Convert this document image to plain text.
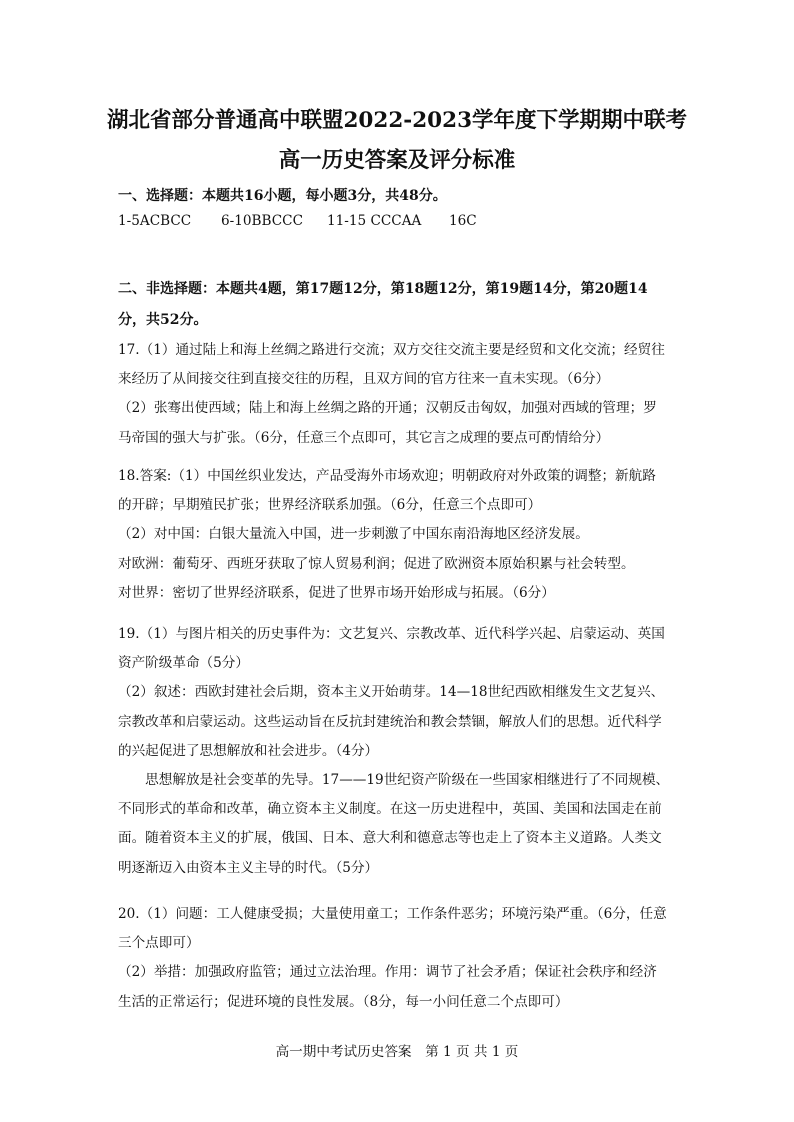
湖北省部分普通高中联盟2022-2023学年度下学期期中联考
高一历史答案及评分标准
一、选择题：本题共16小题，每小题3分，共48分。
1-5ACBCC 6-10BBCCC 11-15 CCCAA 16C
二、非选择题：本题共4题，第17题12分，第18题12分，第19题14分，第20题14
分，共52分。
17.（1）通过陆上和海上丝绸之路进行交流；双方交往交流主要是经贸和文化交流；经贸往
来经历了从间接交往到直接交往的历程，且双方间的官方往来一直未实现。（6分）
（2）张骞出使西域；陆上和海上丝绸之路的开通；汉朝反击匈奴，加强对西域的管理；罗
马帝国的强大与扩张。（6分，任意三个点即可，其它言之成理的要点可酌情给分）
18.答案:（1）中国丝织业发达，产品受海外市场欢迎；明朝政府对外政策的调整；新航路
的开辟；早期殖民扩张；世界经济联系加强。（6分，任意三个点即可）
（2）对中国：白银大量流入中国，进一步刺激了中国东南沿海地区经济发展。
对欧洲：葡萄牙、西班牙获取了惊人贸易利润；促进了欧洲资本原始积累与社会转型。
对世界：密切了世界经济联系，促进了世界市场开始形成与拓展。（6分）
19.（1）与图片相关的历史事件为：文艺复兴、宗教改革、近代科学兴起、启蒙运动、英国
资产阶级革命（5分）
（2）叙述：西欧封建社会后期，资本主义开始萌芽。14—18世纪西欧相继发生文艺复兴、
宗教改革和启蒙运动。这些运动旨在反抗封建统治和教会禁锢，解放人们的思想。近代科学
的兴起促进了思想解放和社会进步。（4分）
　　思想解放是社会变革的先导。17——19世纪资产阶级在一些国家相继进行了不同规模、
不同形式的革命和改革，确立资本主义制度。在这一历史进程中，英国、美国和法国走在前
面。随着资本主义的扩展，俄国、日本、意大利和德意志等也走上了资本主义道路。人类文
明逐渐迈入由资本主义主导的时代。（5分）
20.（1）问题：工人健康受损；大量使用童工；工作条件恶劣；环境污染严重。（6分，任意
三个点即可）
（2）举措：加强政府监管；通过立法治理。作用：调节了社会矛盾；保证社会秩序和经济
生活的正常运行；促进环境的良性发展。（8分，每一小问任意二个点即可）
高一期中考试历史答案　第 1 页 共 1 页
